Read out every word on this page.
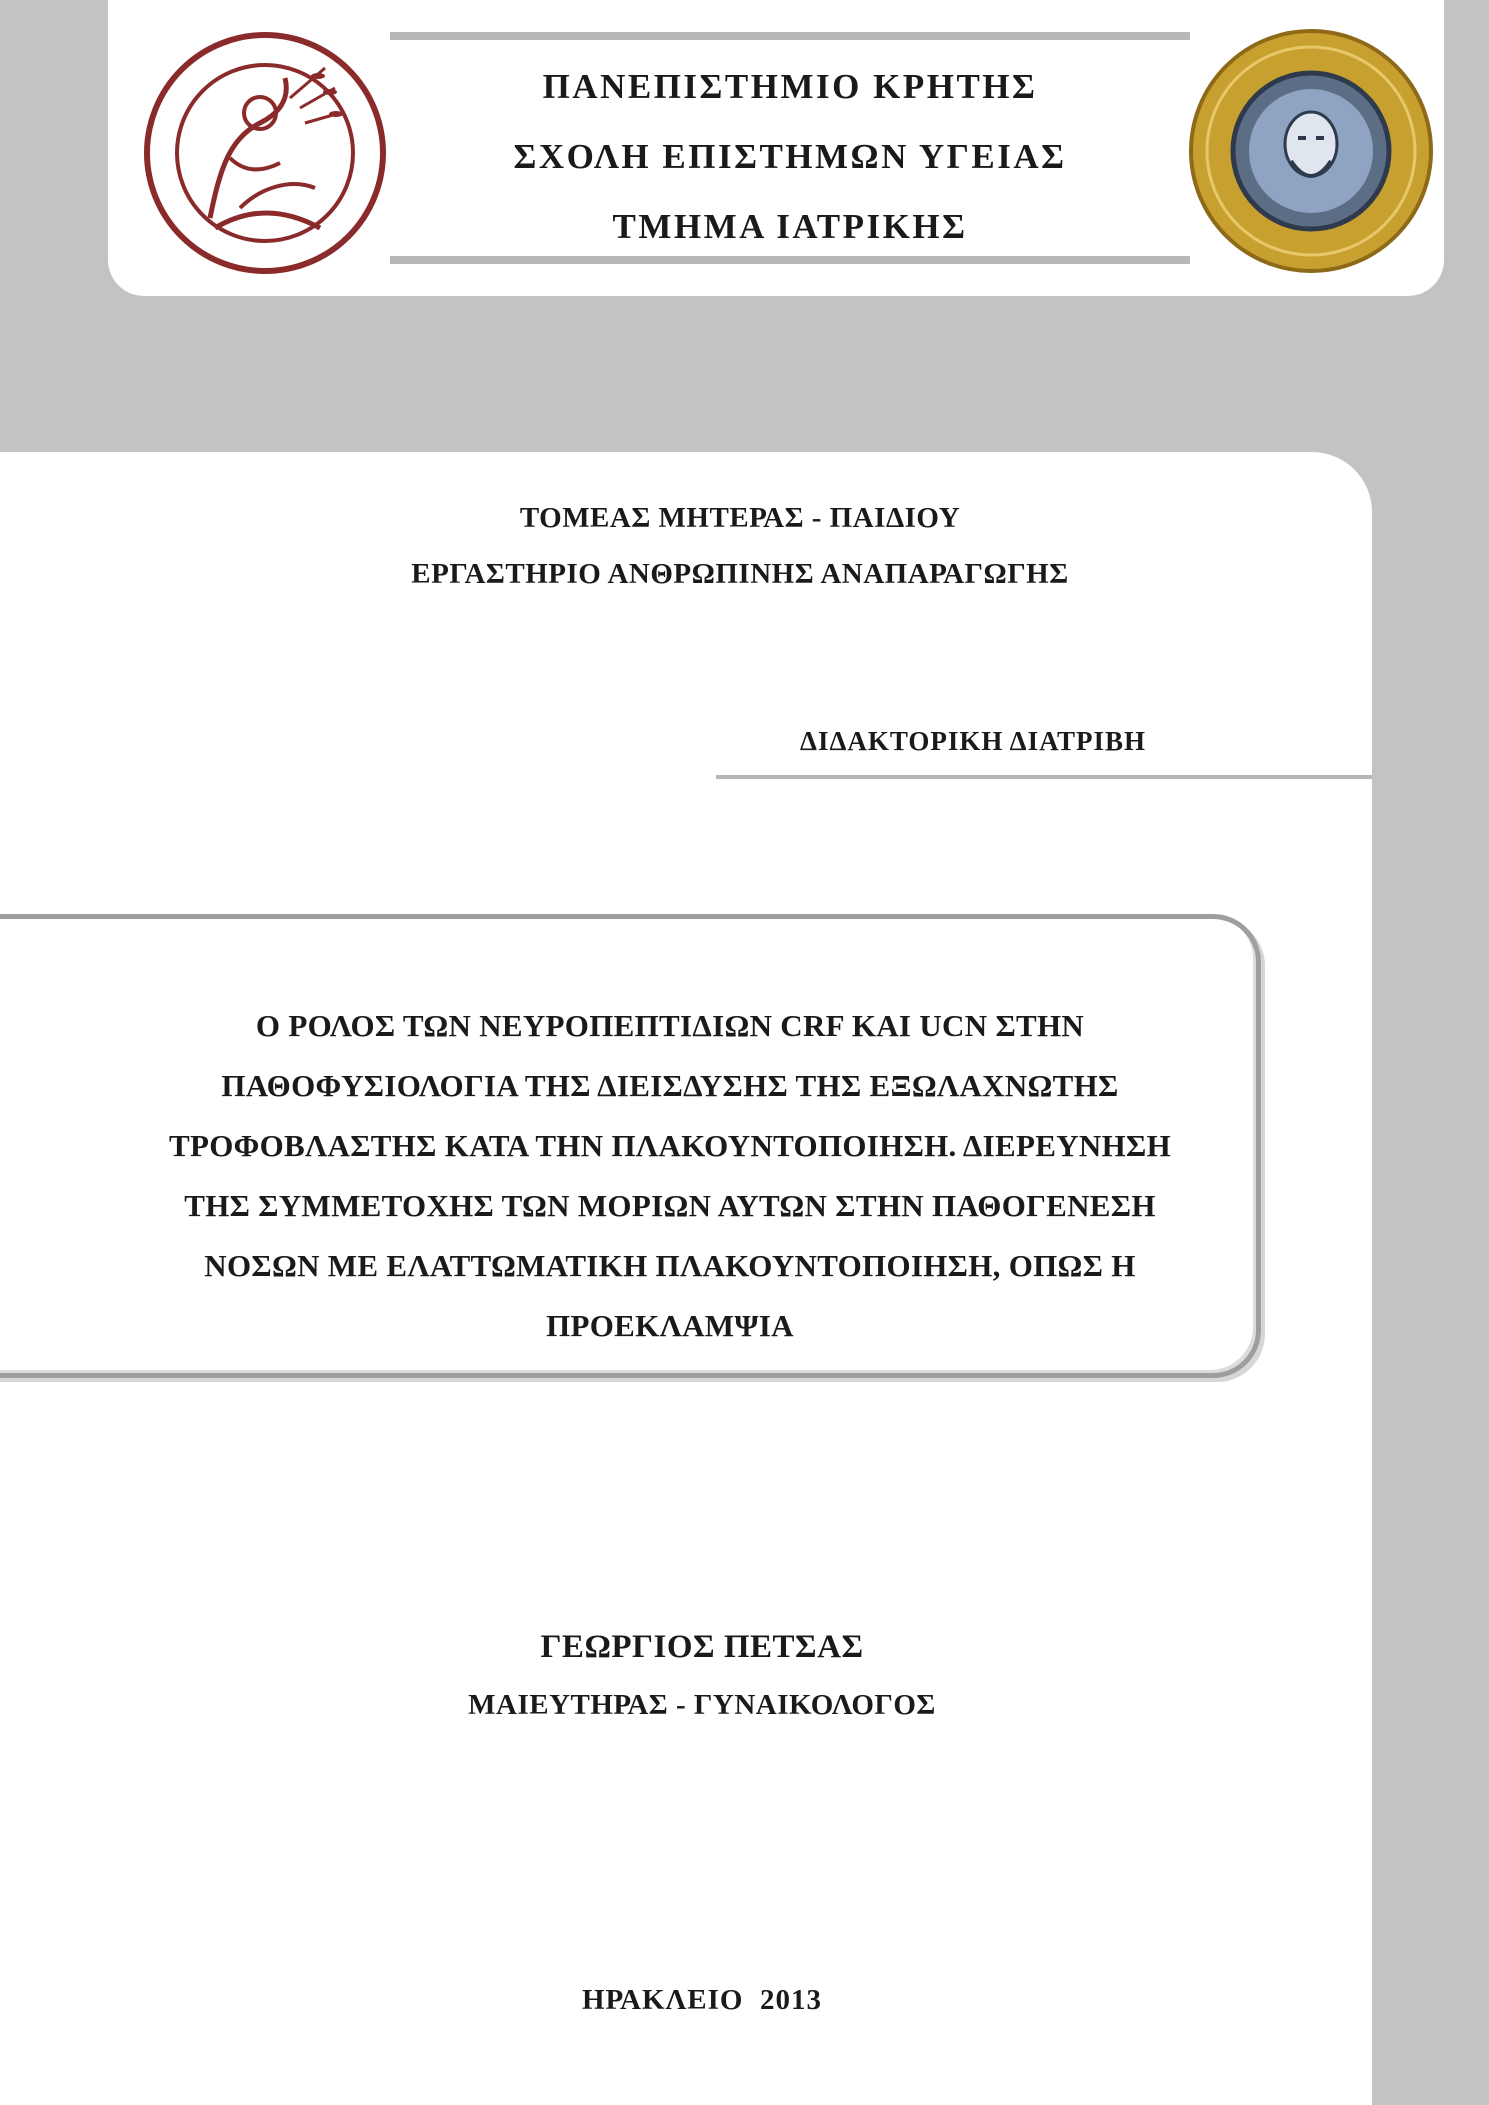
ΠΑΝΕΠΙΣΤΗΜΙΟ ΚΡΗΤΗΣ
ΣΧΟΛΗ ΕΠΙΣΤΗΜΩΝ ΥΓΕΙΑΣ
ΤΜΗΜΑ ΙΑΤΡΙΚΗΣ
ΤΟΜΕΑΣ ΜΗΤΕΡΑΣ - ΠΑΙΔΙΟΥ
ΕΡΓΑΣΤΗΡΙΟ ΑΝΘΡΩΠΙΝΗΣ ΑΝΑΠΑΡΑΓΩΓΗΣ
ΔΙΔΑΚΤΟΡΙΚΗ ΔΙΑΤΡΙΒΗ
Ο ΡΟΛΟΣ ΤΩΝ ΝΕΥΡΟΠΕΠΤΙΔΙΩΝ CRF ΚΑΙ UCN ΣΤΗΝ
ΠΑΘΟΦΥΣΙΟΛΟΓΙΑ ΤΗΣ ΔΙΕΙΣΔΥΣΗΣ ΤΗΣ ΕΞΩΛΑΧΝΩΤΗΣ
ΤΡΟΦΟΒΛΑΣΤΗΣ ΚΑΤΑ ΤΗΝ ΠΛΑΚΟΥΝΤΟΠΟΙΗΣΗ. ΔΙΕΡΕΥΝΗΣΗ
ΤΗΣ ΣΥΜΜΕΤΟΧΗΣ ΤΩΝ ΜΟΡΙΩΝ ΑΥΤΩΝ ΣΤΗΝ ΠΑΘΟΓΕΝΕΣΗ
ΝΟΣΩΝ ΜΕ ΕΛΑΤΤΩΜΑΤΙΚΗ ΠΛΑΚΟΥΝΤΟΠΟΙΗΣΗ, ΟΠΩΣ Η
ΠΡΟΕΚΛΑΜΨΙΑ
ΓΕΩΡΓΙΟΣ ΠΕΤΣΑΣ
ΜΑΙΕΥΤΗΡΑΣ - ΓΥΝΑΙΚΟΛΟΓΟΣ
ΗΡΑΚΛΕΙΟ 2013
